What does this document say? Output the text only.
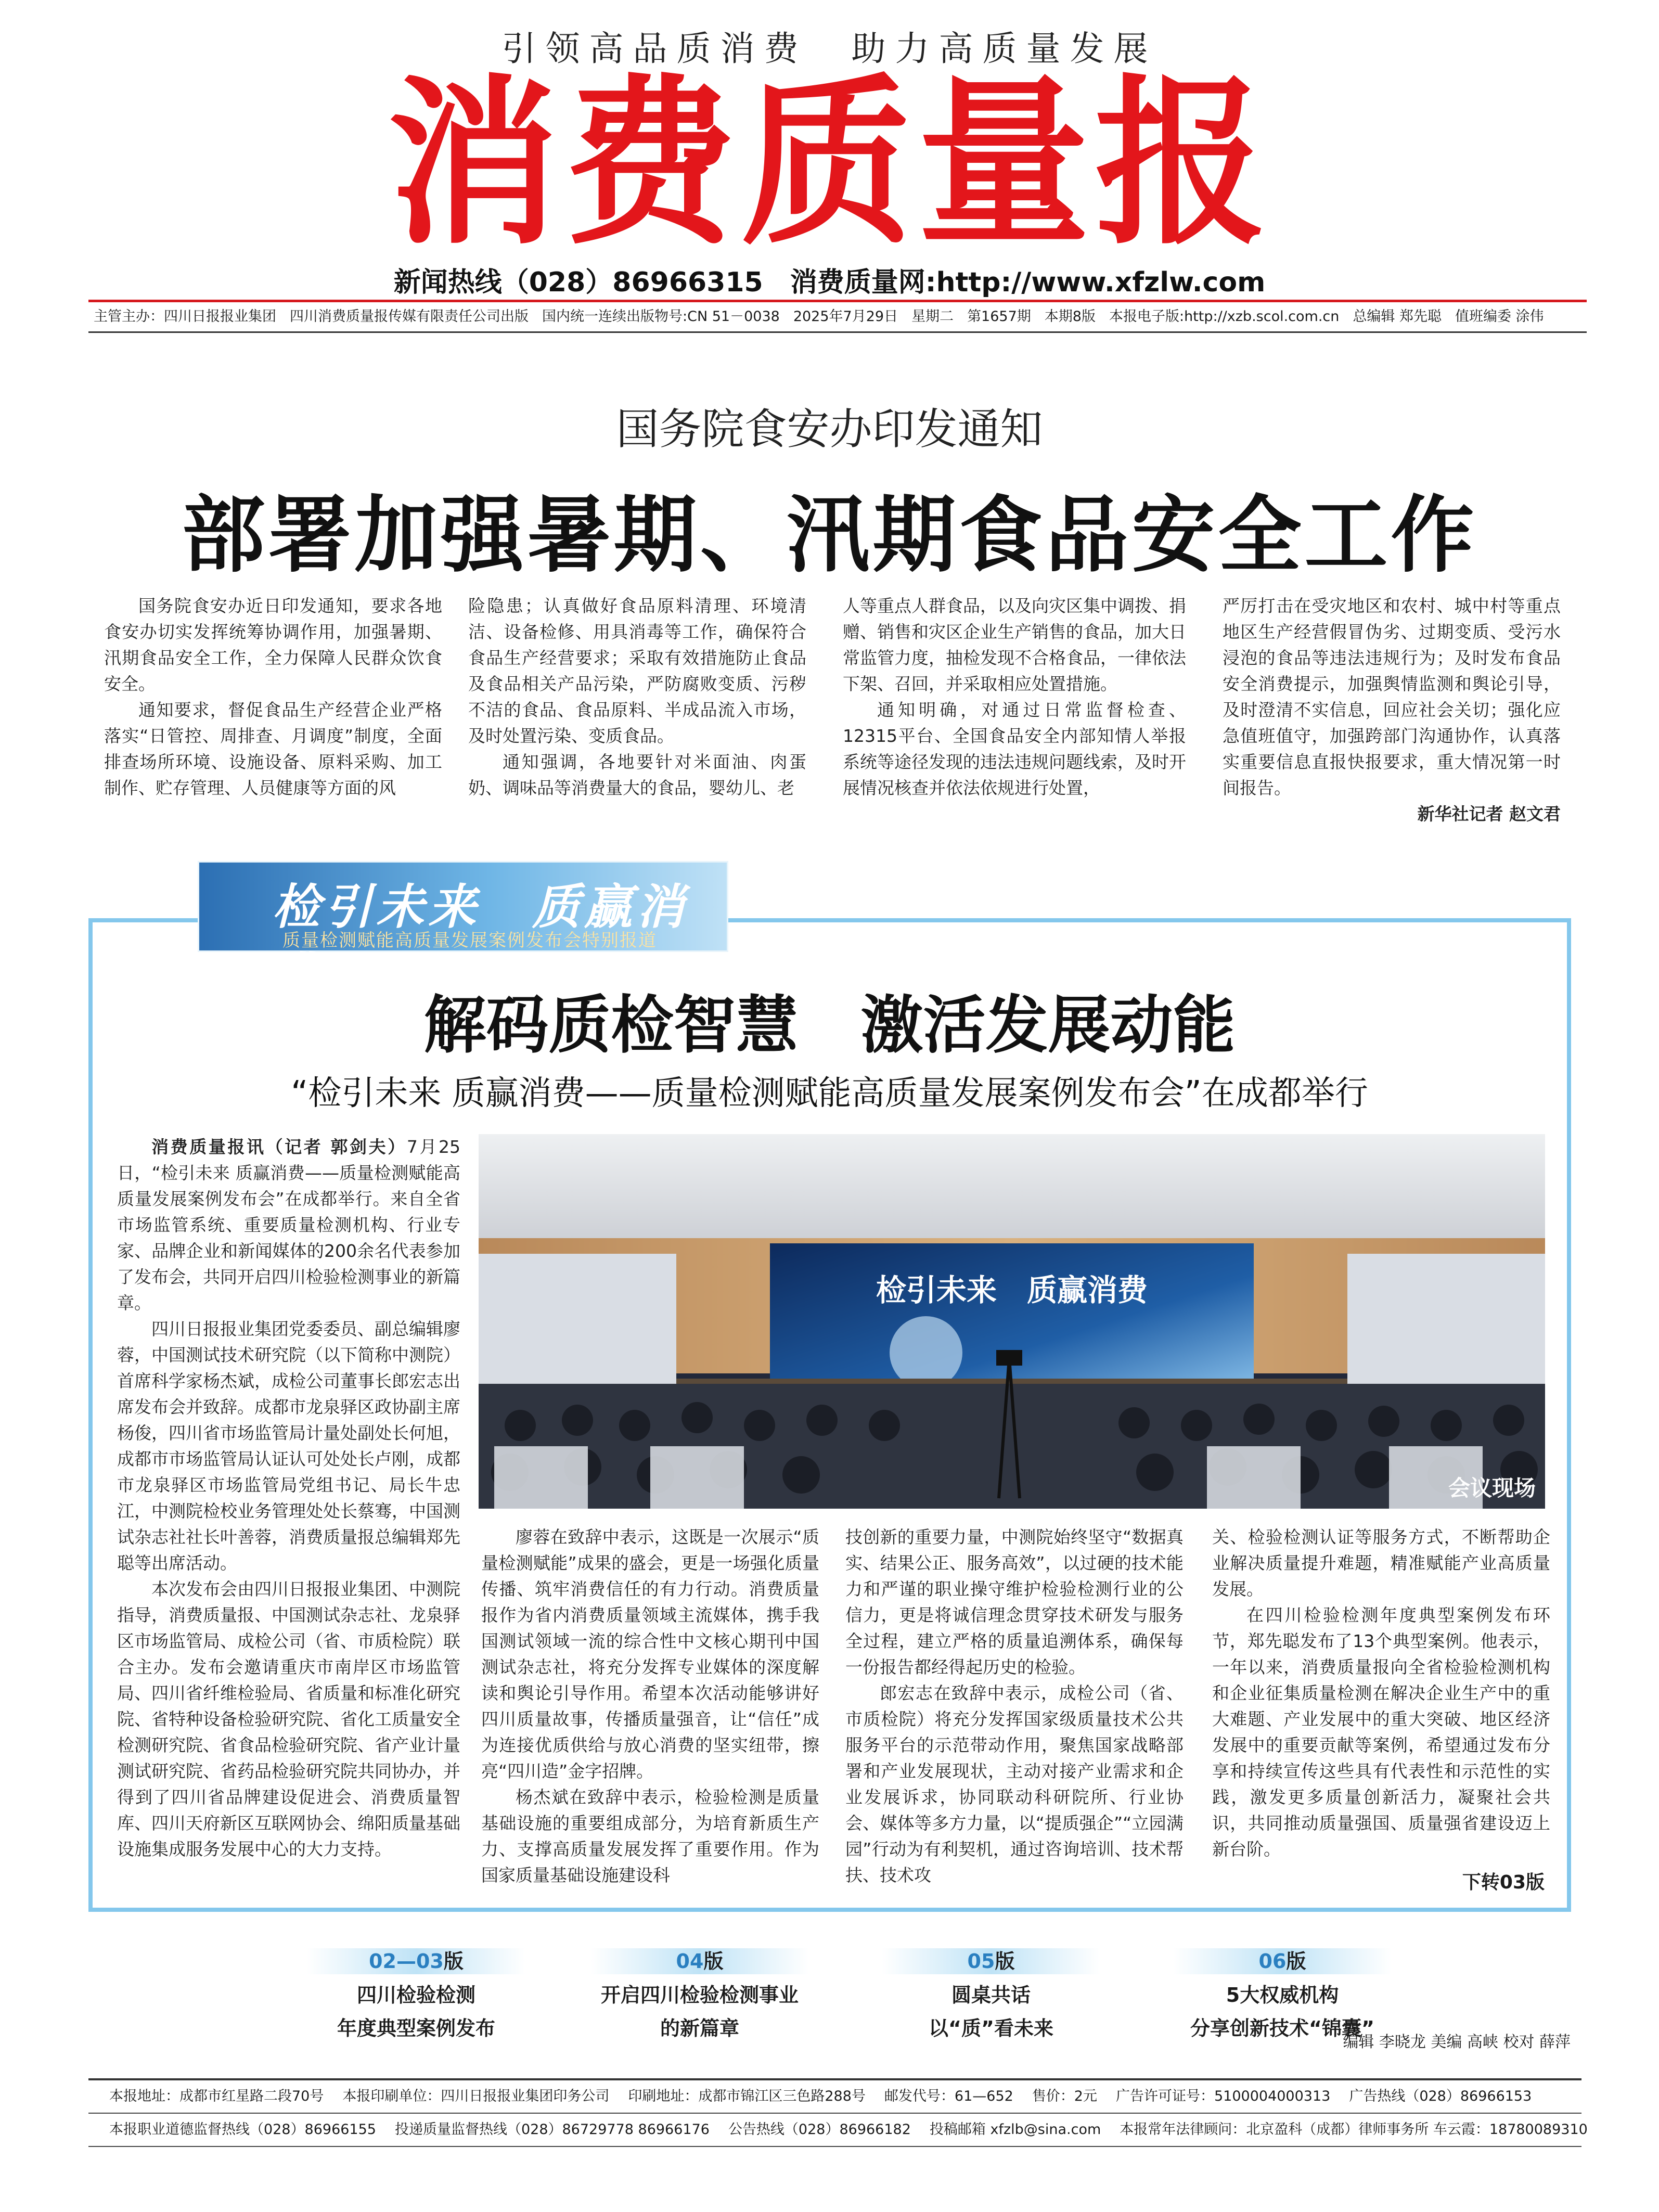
引领高品质消费　助力高质量发展
消费质量报
新闻热线（028）86966315　消费质量网:http://www.xfzlw.com
主管主办：四川日报报业集团 四川消费质量报传媒有限责任公司出版 国内统一连续出版物号:CN 51－0038 2025年7月29日 星期二 第1657期 本期8版 本报电子版:http://xzb.scol.com.cn 总编辑 郑先聪 值班编委 涂伟
国务院食安办印发通知
部署加强暑期、汛期食品安全工作

国务院食安办近日印发通知，要求各地食安办切实发挥统筹协调作用，加强暑期、汛期食品安全工作，全力保障人民群众饮食安全。

通知要求，督促食品生产经营企业严格落实“日管控、周排查、月调度”制度，全面排查场所环境、设施设备、原料采购、加工制作、贮存管理、人员健康等方面的风

险隐患；认真做好食品原料清理、环境清洁、设备检修、用具消毒等工作，确保符合食品生产经营要求；采取有效措施防止食品及食品相关产品污染，严防腐败变质、污秽不洁的食品、食品原料、半成品流入市场，及时处置污染、变质食品。

通知强调，各地要针对米面油、肉蛋奶、调味品等消费量大的食品，婴幼儿、老

人等重点人群食品，以及向灾区集中调拨、捐赠、销售和灾区企业生产销售的食品，加大日常监管力度，抽检发现不合格食品，一律依法下架、召回，并采取相应处置措施。

通知明确，对通过日常监督检查、12315平台、全国食品安全内部知情人举报系统等途径发现的违法违规问题线索，及时开展情况核查并依法依规进行处置，

严厉打击在受灾地区和农村、城中村等重点地区生产经营假冒伪劣、过期变质、受污水浸泡的食品等违法违规行为；及时发布食品安全消费提示，加强舆情监测和舆论引导，及时澄清不实信息，回应社会关切；强化应急值班值守，加强跨部门沟通协作，认真落实重要信息直报快报要求，重大情况第一时间报告。

新华社记者 赵文君
检引未来　质赢消费
质量检测赋能高质量发展案例发布会特别报道
解码质检智慧　激活发展动能
“检引未来 质赢消费——质量检测赋能高质量发展案例发布会”在成都举行

消费质量报讯（记者 郭剑夫）7月25日，“检引未来 质赢消费——质量检测赋能高质量发展案例发布会”在成都举行。来自全省市场监管系统、重要质量检测机构、行业专家、品牌企业和新闻媒体的200余名代表参加了发布会，共同开启四川检验检测事业的新篇章。

四川日报报业集团党委委员、副总编辑廖蓉，中国测试技术研究院（以下简称中测院）首席科学家杨杰斌，成检公司董事长郎宏志出席发布会并致辞。成都市龙泉驿区政协副主席杨俊，四川省市场监管局计量处副处长何旭，成都市市场监管局认证认可处处长卢刚，成都市龙泉驿区市场监管局党组书记、局长牛忠江，中测院检校业务管理处处长蔡骞，中国测试杂志社社长叶善蓉，消费质量报总编辑郑先聪等出席活动。

本次发布会由四川日报报业集团、中测院指导，消费质量报、中国测试杂志社、龙泉驿区市场监管局、成检公司（省、市质检院）联合主办。发布会邀请重庆市南岸区市场监管局、四川省纤维检验局、省质量和标准化研究院、省特种设备检验研究院、省化工质量安全检测研究院、省食品检验研究院、省产业计量测试研究院、省药品检验研究院共同协办，并得到了四川省品牌建设促进会、消费质量智库、四川天府新区互联网协会、绵阳质量基础设施集成服务发展中心的大力支持。

检引未来　质赢消费
会议现场

廖蓉在致辞中表示，这既是一次展示“质量检测赋能”成果的盛会，更是一场强化质量传播、筑牢消费信任的有力行动。消费质量报作为省内消费质量领域主流媒体，携手我国测试领域一流的综合性中文核心期刊中国测试杂志社，将充分发挥专业媒体的深度解读和舆论引导作用。希望本次活动能够讲好四川质量故事，传播质量强音，让“信任”成为连接优质供给与放心消费的坚实纽带，擦亮“四川造”金字招牌。

杨杰斌在致辞中表示，检验检测是质量基础设施的重要组成部分，为培育新质生产力、支撑高质量发展发挥了重要作用。作为国家质量基础设施建设科

技创新的重要力量，中测院始终坚守“数据真实、结果公正、服务高效”，以过硬的技术能力和严谨的职业操守维护检验检测行业的公信力，更是将诚信理念贯穿技术研发与服务全过程，建立严格的质量追溯体系，确保每一份报告都经得起历史的检验。

郎宏志在致辞中表示，成检公司（省、市质检院）将充分发挥国家级质量技术公共服务平台的示范带动作用，聚焦国家战略部署和产业发展现状，主动对接产业需求和企业发展诉求，协同联动科研院所、行业协会、媒体等多方力量，以“提质强企”“立园满园”行动为有利契机，通过咨询培训、技术帮扶、技术攻

关、检验检测认证等服务方式，不断帮助企业解决质量提升难题，精准赋能产业高质量发展。

在四川检验检测年度典型案例发布环节，郑先聪发布了13个典型案例。他表示，一年以来，消费质量报向全省检验检测机构和企业征集质量检测在解决企业生产中的重大难题、产业发展中的重大突破、地区经济发展中的重要贡献等案例，希望通过发布分享和持续宣传这些具有代表性和示范性的实践，激发更多质量创新活力，凝聚社会共识，共同推动质量强国、质量强省建设迈上新台阶。

下转03版
02—03版
四川检验检测
年度典型案例发布
04版
开启四川检验检测事业
的新篇章
05版
圆桌共话
以“质”看未来
06版
5大权威机构
分享创新技术“锦囊”
编辑 李晓龙 美编 高峡 校对 薛萍
本报地址：成都市红星路二段70号 本报印刷单位：四川日报报业集团印务公司 印刷地址：成都市锦江区三色路288号 邮发代号：61—652 售价：2元 广告许可证号：5100004000313 广告热线（028）86966153
本报职业道德监督热线（028）86966155 投递质量监督热线（028）86729778 86966176 公告热线（028）86966182 投稿邮箱 xfzlb@sina.com 本报常年法律顾问：北京盈科（成都）律师事务所 车云霞：18780089310
